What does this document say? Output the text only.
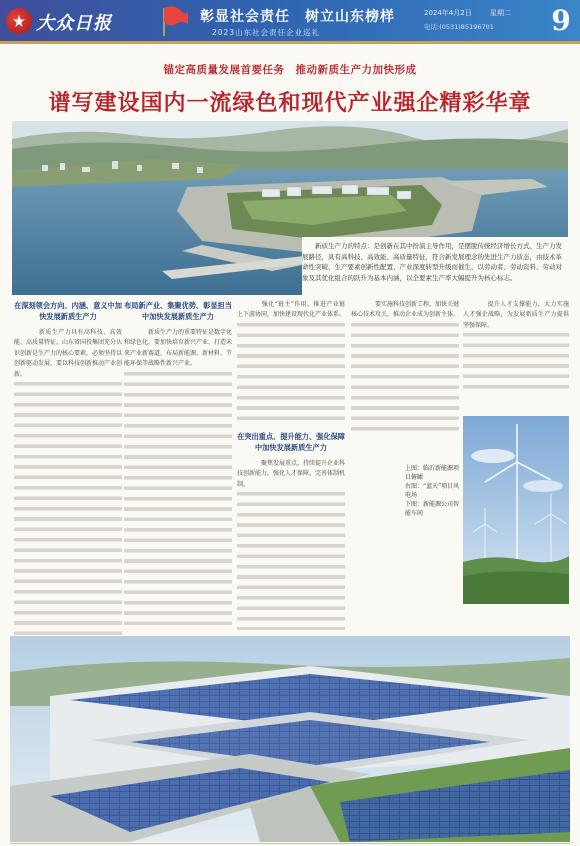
大众日报	彰显社会责任　树立山东榜样
2023山东社会责任企业巡礼
2024年4月2日	星期二
电话:(0531)85196701 9
锚定高质量发展首要任务　推动新质生产力加快形成
谱写建设国内一流绿色和现代产业强企精彩华章
　　新质生产力的特点：是创新在其中扮演主导作用，是摆脱传统经济增长方式、生产力发展路径，具有高科技、高效能、高质量特征，符合新发展理念的先进生产力质态，由技术革命性突破、生产要素创新性配置、产业深度转型升级而催生，以劳动者、劳动资料、劳动对象及其优化组合的跃升为基本内涵，以全要素生产率大幅提升为核心标志。
在深刻领会方向、内涵、意义中加快发展新质生产力

　　新质生产力具有高科技、高效能、高质量特征。山东省国投集团充分认识创新是生产力的核心要素，必须坚持以创新驱动发展，要以科技创新推动产业创新。

布局新产业、集聚优势、彰显担当中加快发展新质生产力

　　新质生产力的重要特征是数字化和绿色化。要加快培育新兴产业、打造未来产业新赛道，布局新能源、新材料、节能环保等战略性新兴产业。

　　强化“链主”作用，推进产业链上下游协同，加快建设现代化产业体系。

在突出重点、提升能力、强化保障中加快发展新质生产力

　　聚焦发展重点，持续提升企业科技创新能力，强化人才保障，完善体制机制。

　　要实施科技创新工程，加快关键核心技术攻关，推动企业成为创新主体。

　　提升人才支撑能力，大力实施人才强企战略，为发展新质生产力提供坚强保障。

上图：临沂新能源项目俯瞰
右图：“蓝天”项目风电场
下图：新能源公司智能车间
